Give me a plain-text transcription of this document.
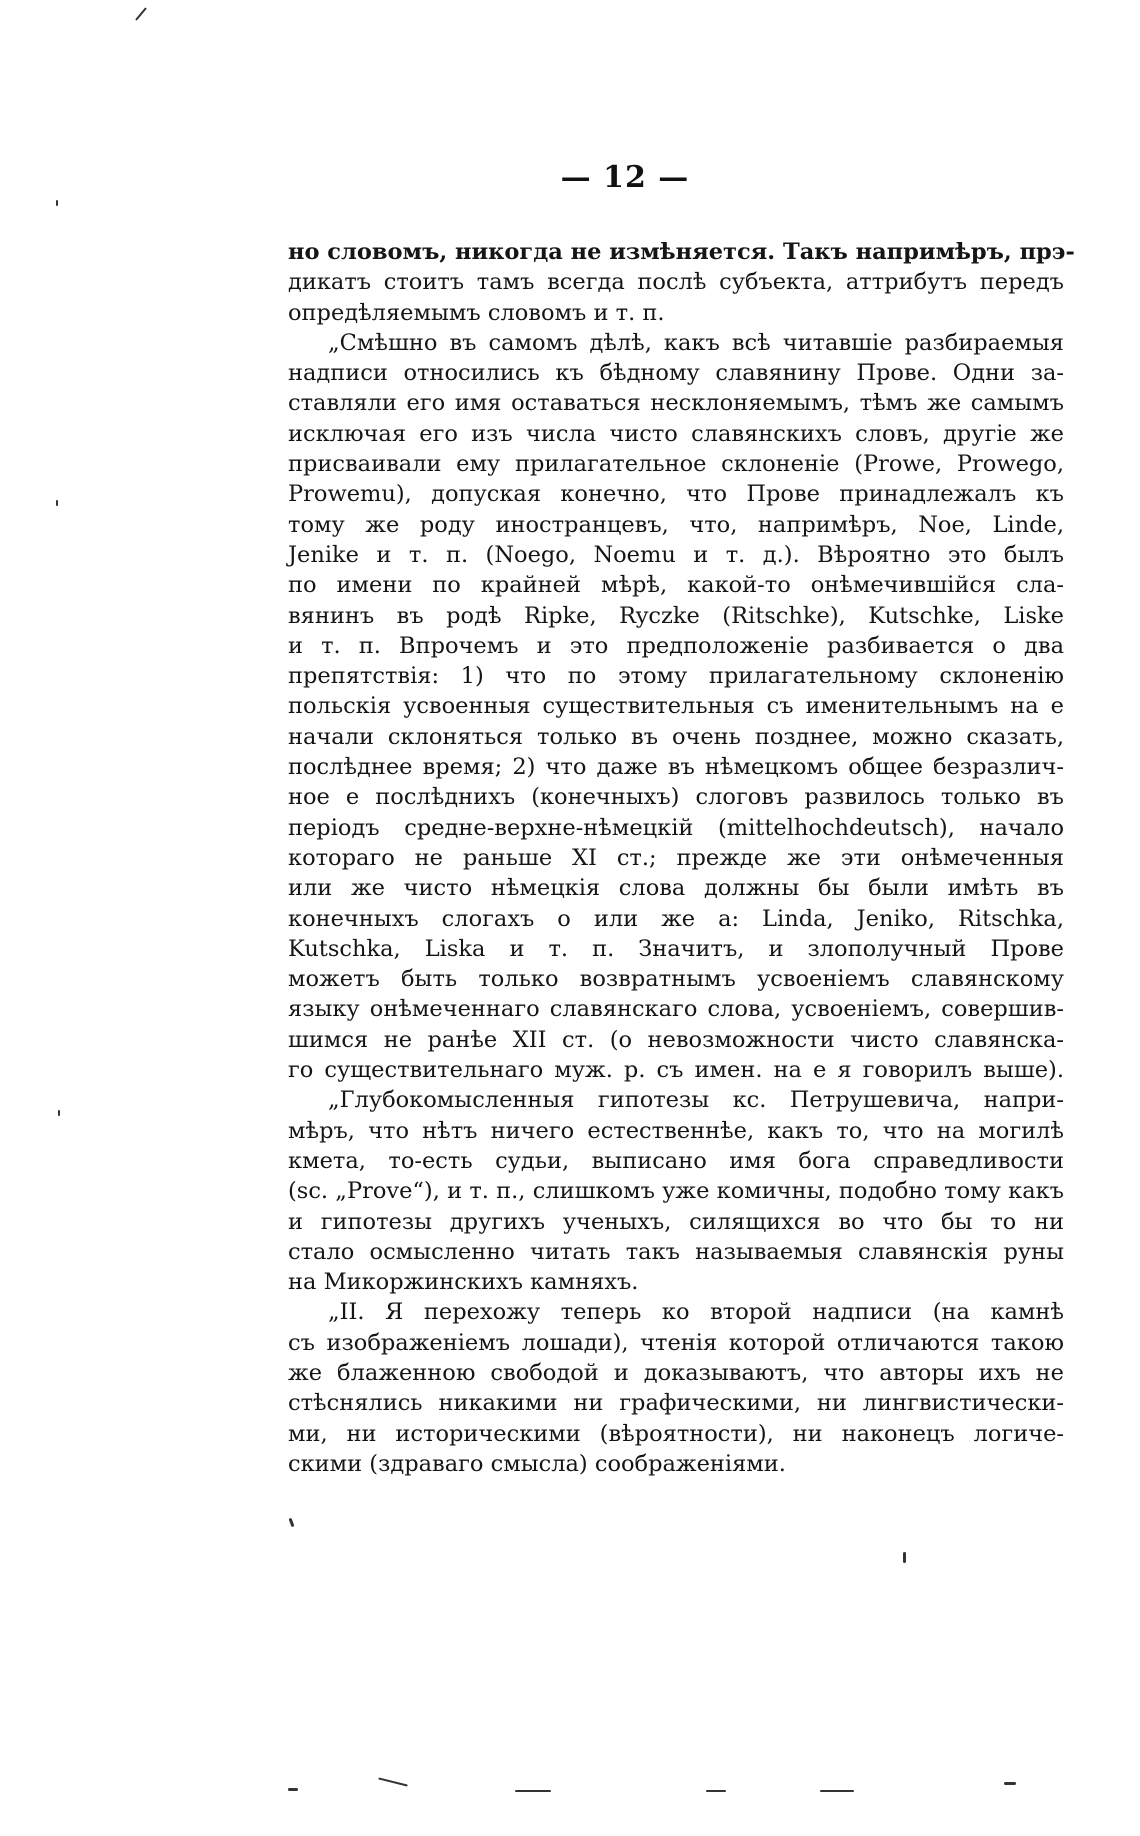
— 12 —
но словомъ, никогда не измѣняется. Такъ напримѣръ, прэ-
дикатъ стоитъ тамъ всегда послѣ субъекта, аттрибутъ передъ
опредѣляемымъ словомъ и т. п.
„Смѣшно въ самомъ дѣлѣ, какъ всѣ читавшіе разбираемыя
надписи относились къ бѣдному славянину Прове. Одни за-
ставляли его имя оставаться несклоняемымъ, тѣмъ же самымъ
исключая его изъ числа чисто славянскихъ словъ, другіе же
присваивали ему прилагательное склоненіе (Prowe, Prowego,
Prowemu), допуская конечно, что Прове принадлежалъ къ
тому же роду иностранцевъ, что, напримѣръ, Noe, Linde,
Jenike и т. п. (Noego, Noemu и т. д.). Вѣроятно это былъ
по имени по крайней мѣрѣ, какой-то онѣмечившійся сла-
вянинъ въ родѣ Ripke, Ryczke (Ritschke), Kutschke, Liske
и т. п. Впрочемъ и это предположеніе разбивается о два
препятствія: 1) что по этому прилагательному склоненію
польскія усвоенныя существительныя съ именительнымъ на е
начали склоняться только въ очень позднее, можно сказать,
послѣднее время; 2) что даже въ нѣмецкомъ общее безразлич-
ное е послѣднихъ (конечныхъ) слоговъ развилось только въ
періодъ средне-верхне-нѣмецкій (mittelhochdeutsch), начало
котораго не раньше XI ст.; прежде же эти онѣмеченныя
или же чисто нѣмецкія слова должны бы были имѣть въ
конечныхъ слогахъ о или же а: Linda, Jeniko, Ritschka,
Kutschka, Liska и т. п. Значитъ, и злополучный Прове
можетъ быть только возвратнымъ усвоеніемъ славянскому
языку онѣмеченнаго славянскаго слова, усвоеніемъ, совершив-
шимся не ранѣе XII ст. (о невозможности чисто славянска-
го существительнаго муж. р. съ имен. на е я говорилъ выше).
„Глубокомысленныя гипотезы кс. Петрушевича, напри-
мѣръ, что нѣтъ ничего естественнѣе, какъ то, что на могилѣ
кмета, то-есть судьи, выписано имя бога справедливости
(sc. „Prove“), и т. п., слишкомъ уже комичны, подобно тому какъ
и гипотезы другихъ ученыхъ, силящихся во что бы то ни
стало осмысленно читать такъ называемыя славянскія руны
на Микоржинскихъ камняхъ.
„II. Я перехожу теперь ко второй надписи (на камнѣ
съ изображеніемъ лошади), чтенія которой отличаются такою
же блаженною свободой и доказываютъ, что авторы ихъ не
стѣснялись никакими ни графическими, ни лингвистически-
ми, ни историческими (вѣроятности), ни наконецъ логиче-
скими (здраваго смысла) соображеніями.
